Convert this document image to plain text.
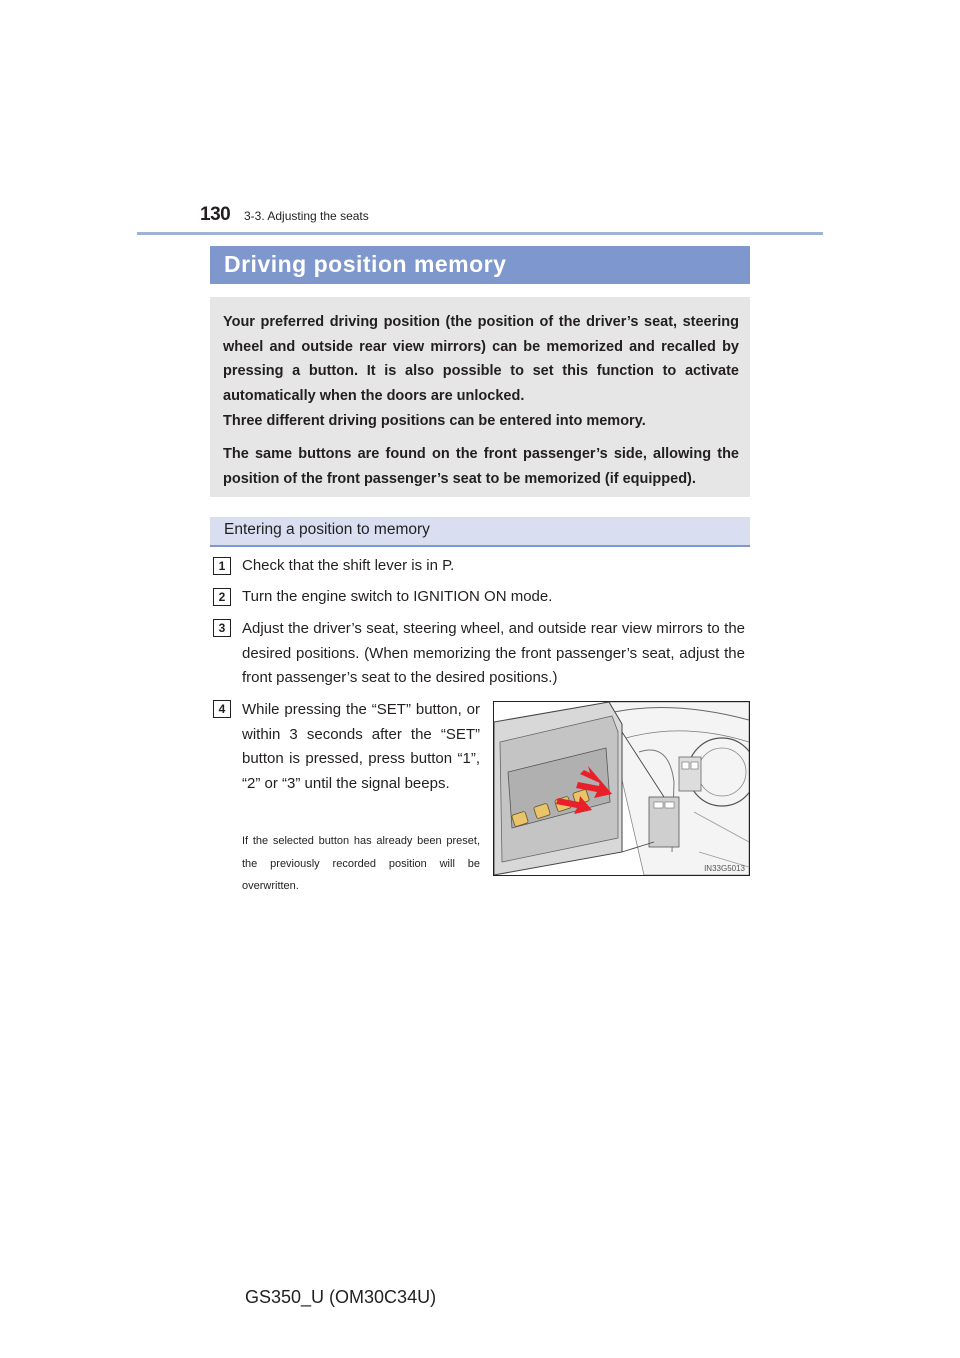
130 3-3. Adjusting the seats
Driving position memory
Your preferred driving position (the position of the driver’s seat, steering wheel and outside rear view mirrors) can be memorized and recalled by pressing a button. It is also possible to set this function to activate automatically when the doors are unlocked.
Three different driving positions can be entered into memory.
The same buttons are found on the front passenger’s side, allowing the position of the front passenger’s seat to be memorized (if equipped).
Entering a position to memory
1	Check that the shift lever is in P.
2	Turn the engine switch to IGNITION ON mode.
3	Adjust the driver’s seat, steering wheel, and outside rear view mirrors to the desired positions. (When memorizing the front passenger’s seat, adjust the front passenger’s seat to the desired positions.)
4	While pressing the “SET” button, or within 3 seconds after the “SET” button is pressed, press button “1”, “2” or “3” until the signal beeps.
If the selected button has already been preset, the previously recorded position will be overwritten.
IN33G5013
GS350_U (OM30C34U)
